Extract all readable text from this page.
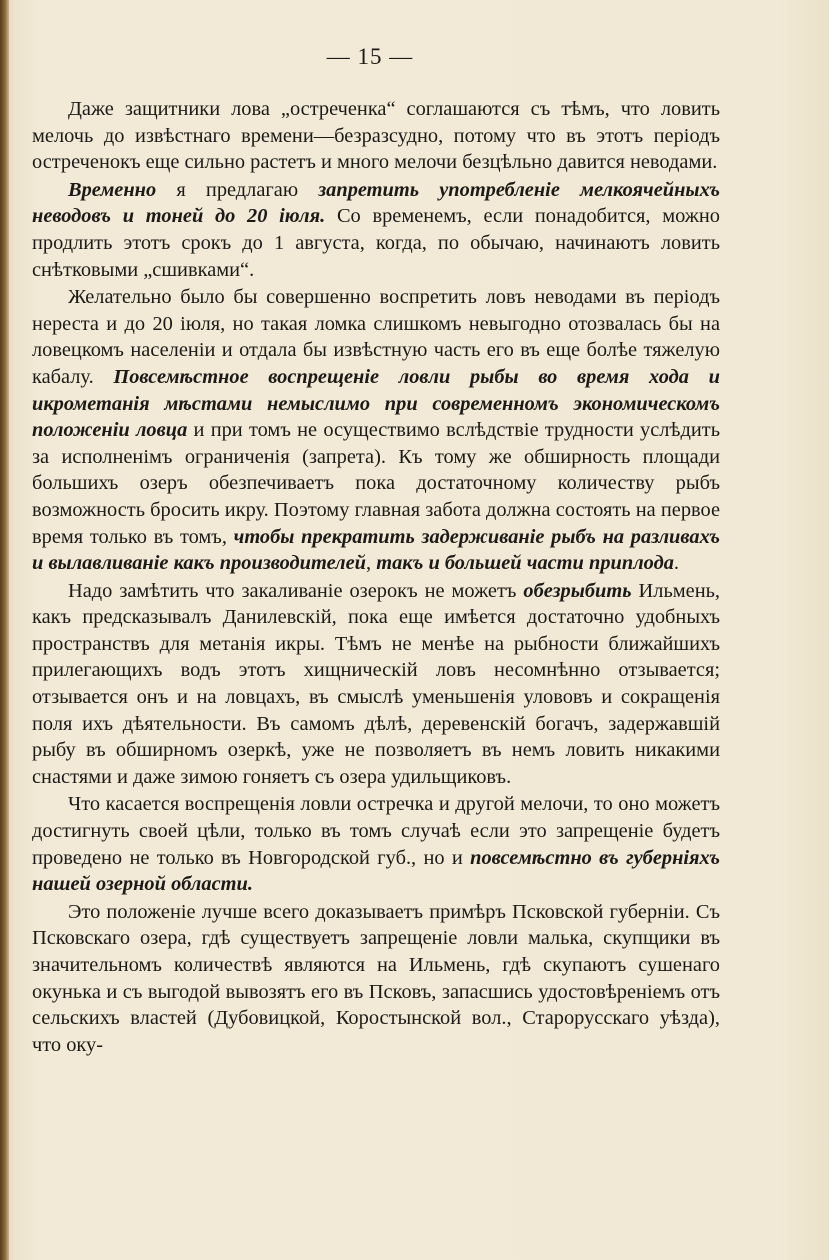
— 15 —

Даже защитники лова „остреченка“ соглашаются съ тѣмъ, что ловить мелочь до извѣстнаго времени—безразсудно, потому что въ этотъ періодъ остреченокъ еще сильно растетъ и много мелочи безцѣльно давится неводами.

Временно я предлагаю запретить употребленіе мелкоячейныхъ неводовъ и тоней до 20 іюля. Со временемъ, если понадобится, можно продлить этотъ срокъ до 1 августа, когда, по обычаю, начинаютъ ловить снѣтковыми „сшивками“.

Желательно было бы совершенно воспретить ловъ неводами въ періодъ нереста и до 20 іюля, но такая ломка слишкомъ невыгодно отозвалась бы на ловецкомъ населеніи и отдала бы извѣстную часть его въ еще болѣе тяжелую кабалу. Повсемѣстное воспрещеніе ловли рыбы во время хода и икрометанія мѣстами немыслимо при современномъ экономическомъ положеніи ловца и при томъ не осуществимо вслѣдствіе трудности услѣдить за исполненімъ ограниченія (запрета). Къ тому же обширность площади большихъ озеръ обезпечиваетъ пока достаточному количеству рыбъ возможность бросить икру. Поэтому главная забота должна состоять на первое время только въ томъ, чтобы прекратить задерживаніе рыбъ на разливахъ и вылавливаніе какъ производителей, такъ и большей части приплода.

Надо замѣтить что закаливаніе озерокъ не можетъ обезрыбить Ильмень, какъ предсказывалъ Данилевскій, пока еще имѣется достаточно удобныхъ пространствъ для метанія икры. Тѣмъ не менѣе на рыбности ближайшихъ прилегающихъ водъ этотъ хищническій ловъ несомнѣнно отзывается; отзывается онъ и на ловцахъ, въ смыслѣ уменьшенія улововъ и сокращенія поля ихъ дѣятельности. Въ самомъ дѣлѣ, деревенскій богачъ, задержавшій рыбу въ обширномъ озеркѣ, уже не позволяетъ въ немъ ловить никакими снастями и даже зимою гоняетъ съ озера удильщиковъ.

Что касается воспрещенія ловли остречка и другой мелочи, то оно можетъ достигнуть своей цѣли, только въ томъ случаѣ если это запрещеніе будетъ проведено не только въ Новгородской губ., но и повсемѣстно въ губерніяхъ нашей озерной области.

Это положеніе лучше всего доказываетъ примѣръ Псковской губерніи. Съ Псковскаго озера, гдѣ существуетъ запрещеніе ловли малька, скупщики въ значительномъ количествѣ являются на Ильмень, гдѣ скупаютъ сушенаго окунька и съ выгодой вывозятъ его въ Псковъ, запасшись удостовѣреніемъ отъ сельскихъ властей (Дубовицкой, Коростынской вол., Старорусскаго уѣзда), что оку-
